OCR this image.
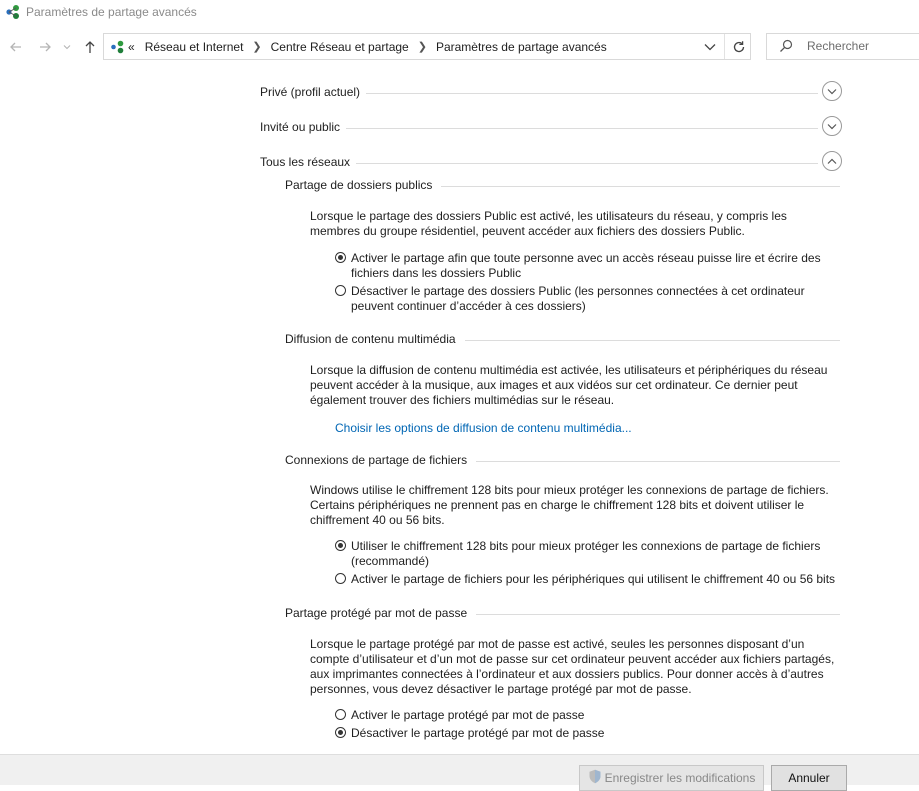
Paramètres de partage avancés
« Réseau et Internet ❯ Centre Réseau et partage ❯ Paramètres de partage avancés
Rechercher
Privé (profil actuel)
Invité ou public
Tous les réseaux
Partage de dossiers publics

Lorsque le partage des dossiers Public est activé, les utilisateurs du réseau, y compris les membres du groupe résidentiel, peuvent accéder aux fichiers des dossiers Public.

Activer le partage afin que toute personne avec un accès réseau puisse lire et écrire des fichiers dans les dossiers Public
Désactiver le partage des dossiers Public (les personnes connectées à cet ordinateur peuvent continuer d’accéder à ces dossiers)
Diffusion de contenu multimédia

Lorsque la diffusion de contenu multimédia est activée, les utilisateurs et périphériques du réseau peuvent accéder à la musique, aux images et aux vidéos sur cet ordinateur. Ce dernier peut également trouver des fichiers multimédias sur le réseau.

Choisir les options de diffusion de contenu multimédia...
Connexions de partage de fichiers

Windows utilise le chiffrement 128 bits pour mieux protéger les connexions de partage de fichiers. Certains périphériques ne prennent pas en charge le chiffrement 128 bits et doivent utiliser le chiffrement 40 ou 56 bits.

Utiliser le chiffrement 128 bits pour mieux protéger les connexions de partage de fichiers (recommandé)
Activer le partage de fichiers pour les périphériques qui utilisent le chiffrement 40 ou 56 bits
Partage protégé par mot de passe

Lorsque le partage protégé par mot de passe est activé, seules les personnes disposant d’un compte d’utilisateur et d’un mot de passe sur cet ordinateur peuvent accéder aux fichiers partagés, aux imprimantes connectées à l’ordinateur et aux dossiers publics. Pour donner accès à d’autres personnes, vous devez désactiver le partage protégé par mot de passe.

Activer le partage protégé par mot de passe
Désactiver le partage protégé par mot de passe
Enregistrer les modifications	Annuler
